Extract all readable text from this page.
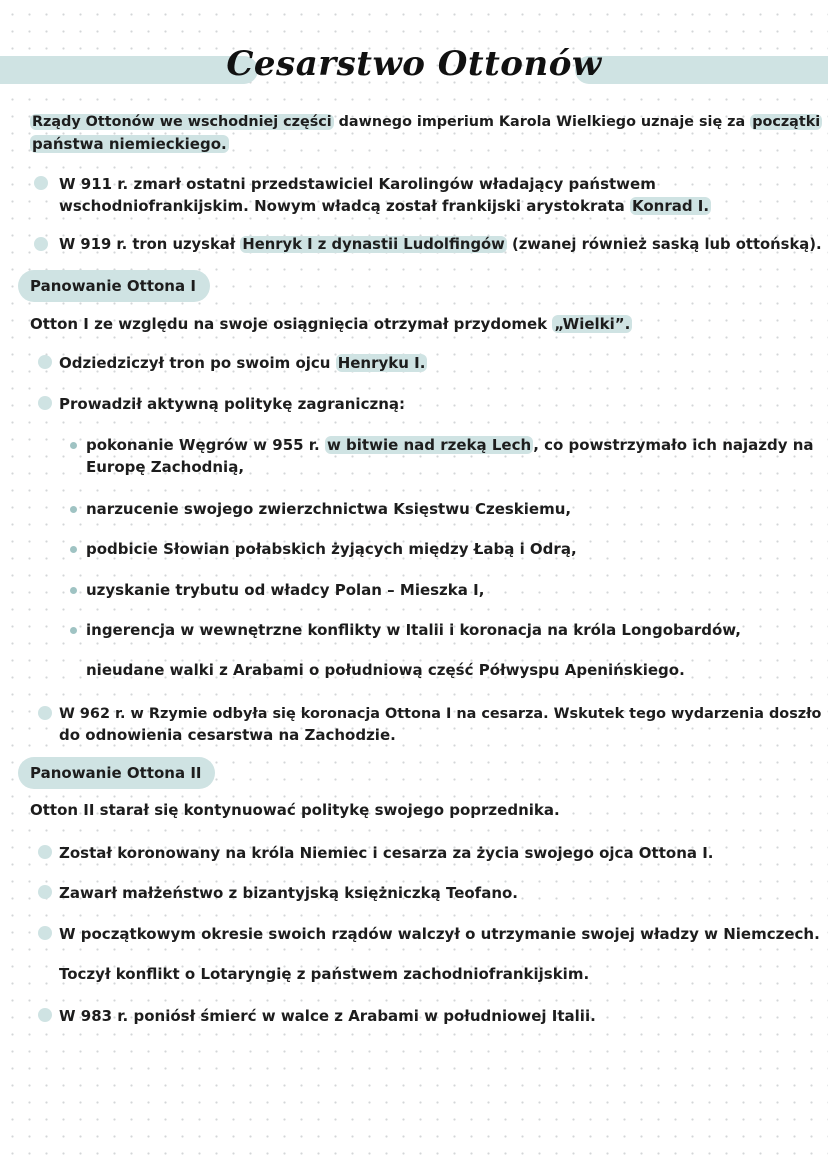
Cesarstwo Ottonów
Rządy Ottonów we wschodniej części dawnego imperium Karola Wielkiego uznaje się za początki
państwa niemieckiego.
W 911 r. zmarł ostatni przedstawiciel Karolingów władający państwem
wschodniofrankijskim. Nowym władcą został frankijski arystokrata Konrad I.
W 919 r. tron uzyskał Henryk I z dynastii Ludolfingów (zwanej również saską lub ottońską).
Panowanie Ottona I
Otton I ze względu na swoje osiągnięcia otrzymał przydomek „Wielki”.
Odziedziczył tron po swoim ojcu Henryku I.
Prowadził aktywną politykę zagraniczną:
pokonanie Węgrów w 955 r. w bitwie nad rzeką Lech , co powstrzymało ich najazdy na
Europę Zachodnią,
narzucenie swojego zwierzchnictwa Księstwu Czeskiemu,
podbicie Słowian połabskich żyjących między Łabą i Odrą,
uzyskanie trybutu od władcy Polan – Mieszka I,
ingerencja w wewnętrzne konflikty w Italii i koronacja na króla Longobardów,
nieudane walki z Arabami o południową część Półwyspu Apenińskiego.
W 962 r. w Rzymie odbyła się koronacja Ottona I na cesarza. Wskutek tego wydarzenia doszło
do odnowienia cesarstwa na Zachodzie.
Panowanie Ottona II
Otton II starał się kontynuować politykę swojego poprzednika.
Został koronowany na króla Niemiec i cesarza za życia swojego ojca Ottona I.
Zawarł małżeństwo z bizantyjską księżniczką Teofano.
W początkowym okresie swoich rządów walczył o utrzymanie swojej władzy w Niemczech.
Toczył konflikt o Lotaryngię z państwem zachodniofrankijskim.
W 983 r. poniósł śmierć w walce z Arabami w południowej Italii.
